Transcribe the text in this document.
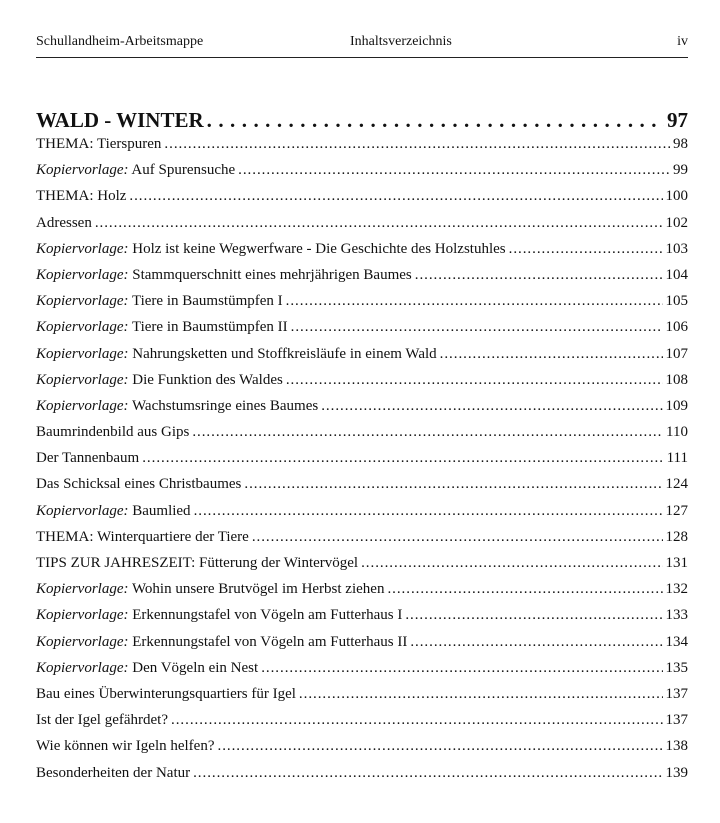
Schullandheim-Arbeitsmappe	Inhaltsverzeichnis	iv
WALD - WINTER . . .	97
THEMA: Tierspuren . . .	98
Kopiervorlage: Auf Spurensuche . . .	99
THEMA: Holz . . .	100
Adressen . . .	102
Kopiervorlage: Holz ist keine Wegwerfware - Die Geschichte des Holzstuhles . . .	103
Kopiervorlage: Stammquerschnitt eines mehrjährigen Baumes . . .	104
Kopiervorlage: Tiere in Baumstümpfen I . . .	105
Kopiervorlage: Tiere in Baumstümpfen II . . .	106
Kopiervorlage: Nahrungsketten und Stoffkreisläufe in einem Wald . . .	107
Kopiervorlage: Die Funktion des Waldes . . .	108
Kopiervorlage: Wachstumsringe eines Baumes . . .	109
Baumrindenbild aus Gips . . .	110
Der Tannenbaum . . .	111
Das Schicksal eines Christbaumes . . .	124
Kopiervorlage: Baumlied . . .	127
THEMA: Winterquartiere der Tiere . . .	128
TIPS ZUR JAHRESZEIT: Fütterung der Wintervögel . . .	131
Kopiervorlage: Wohin unsere Brutvögel im Herbst ziehen . . .	132
Kopiervorlage: Erkennungstafel von Vögeln am Futterhaus I . . .	133
Kopiervorlage: Erkennungstafel von Vögeln am Futterhaus II . . .	134
Kopiervorlage: Den Vögeln ein Nest . . .	135
Bau eines Überwinterungsquartiers für Igel . . .	137
Ist der Igel gefährdet? . . .	137
Wie können wir Igeln helfen? . . .	138
Besonderheiten der Natur . . .	139
